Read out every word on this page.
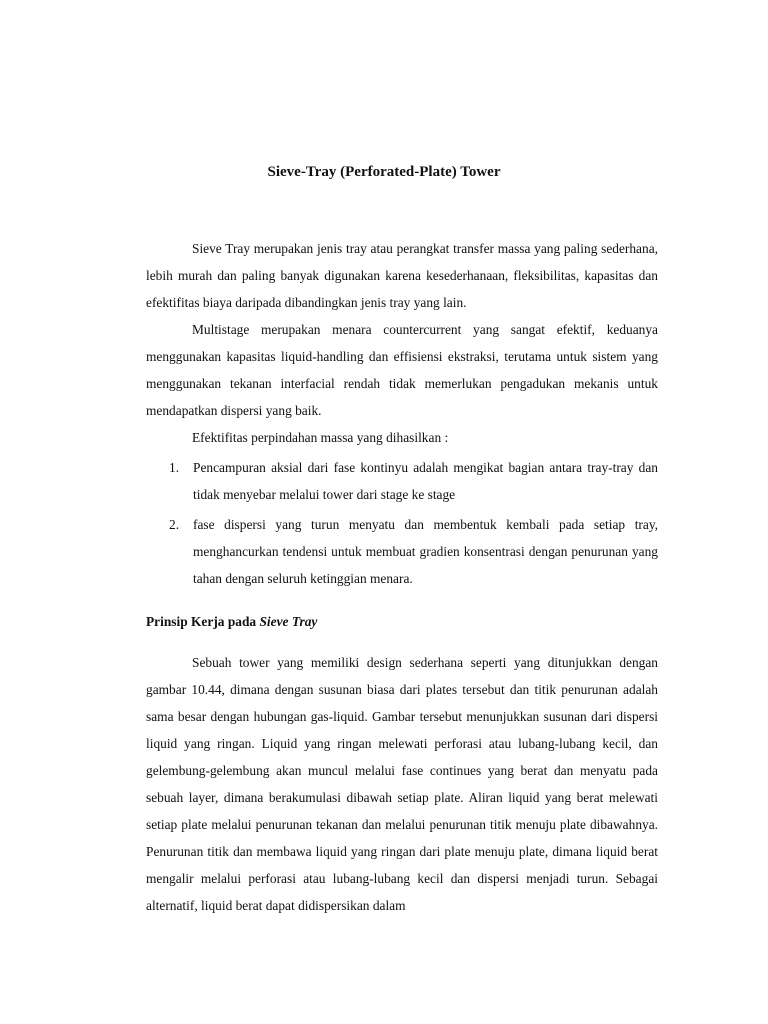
Sieve-Tray (Perforated-Plate) Tower

Sieve Tray merupakan jenis tray atau perangkat transfer massa yang paling sederhana, lebih murah dan paling banyak digunakan karena kesederhanaan, fleksibilitas, kapasitas dan efektifitas biaya daripada dibandingkan jenis tray yang lain.

Multistage merupakan menara countercurrent yang sangat efektif, keduanya menggunakan kapasitas liquid-handling dan effisiensi ekstraksi, terutama untuk sistem yang menggunakan tekanan interfacial rendah tidak memerlukan pengadukan mekanis untuk mendapatkan dispersi yang baik.

Efektifitas perpindahan massa yang dihasilkan :

1. Pencampuran aksial dari fase kontinyu adalah mengikat bagian antara tray-tray dan tidak menyebar melalui tower dari stage ke stage
2. fase dispersi yang turun menyatu dan membentuk kembali pada setiap tray, menghancurkan tendensi untuk membuat gradien konsentrasi dengan penurunan yang tahan dengan seluruh ketinggian menara.

Prinsip Kerja pada Sieve Tray

Sebuah tower yang memiliki design sederhana seperti yang ditunjukkan dengan gambar 10.44, dimana dengan susunan biasa dari plates tersebut dan titik penurunan adalah sama besar dengan hubungan gas-liquid. Gambar tersebut menunjukkan susunan dari dispersi liquid yang ringan. Liquid yang ringan melewati perforasi atau lubang-lubang kecil, dan gelembung-gelembung akan muncul melalui fase continues yang berat dan menyatu pada sebuah layer, dimana berakumulasi dibawah setiap plate. Aliran liquid yang berat melewati setiap plate melalui penurunan tekanan dan melalui penurunan titik menuju plate dibawahnya. Penurunan titik dan membawa liquid yang ringan dari plate menuju plate, dimana liquid berat mengalir melalui perforasi atau lubang-lubang kecil dan dispersi menjadi turun. Sebagai alternatif, liquid berat dapat didispersikan dalam
